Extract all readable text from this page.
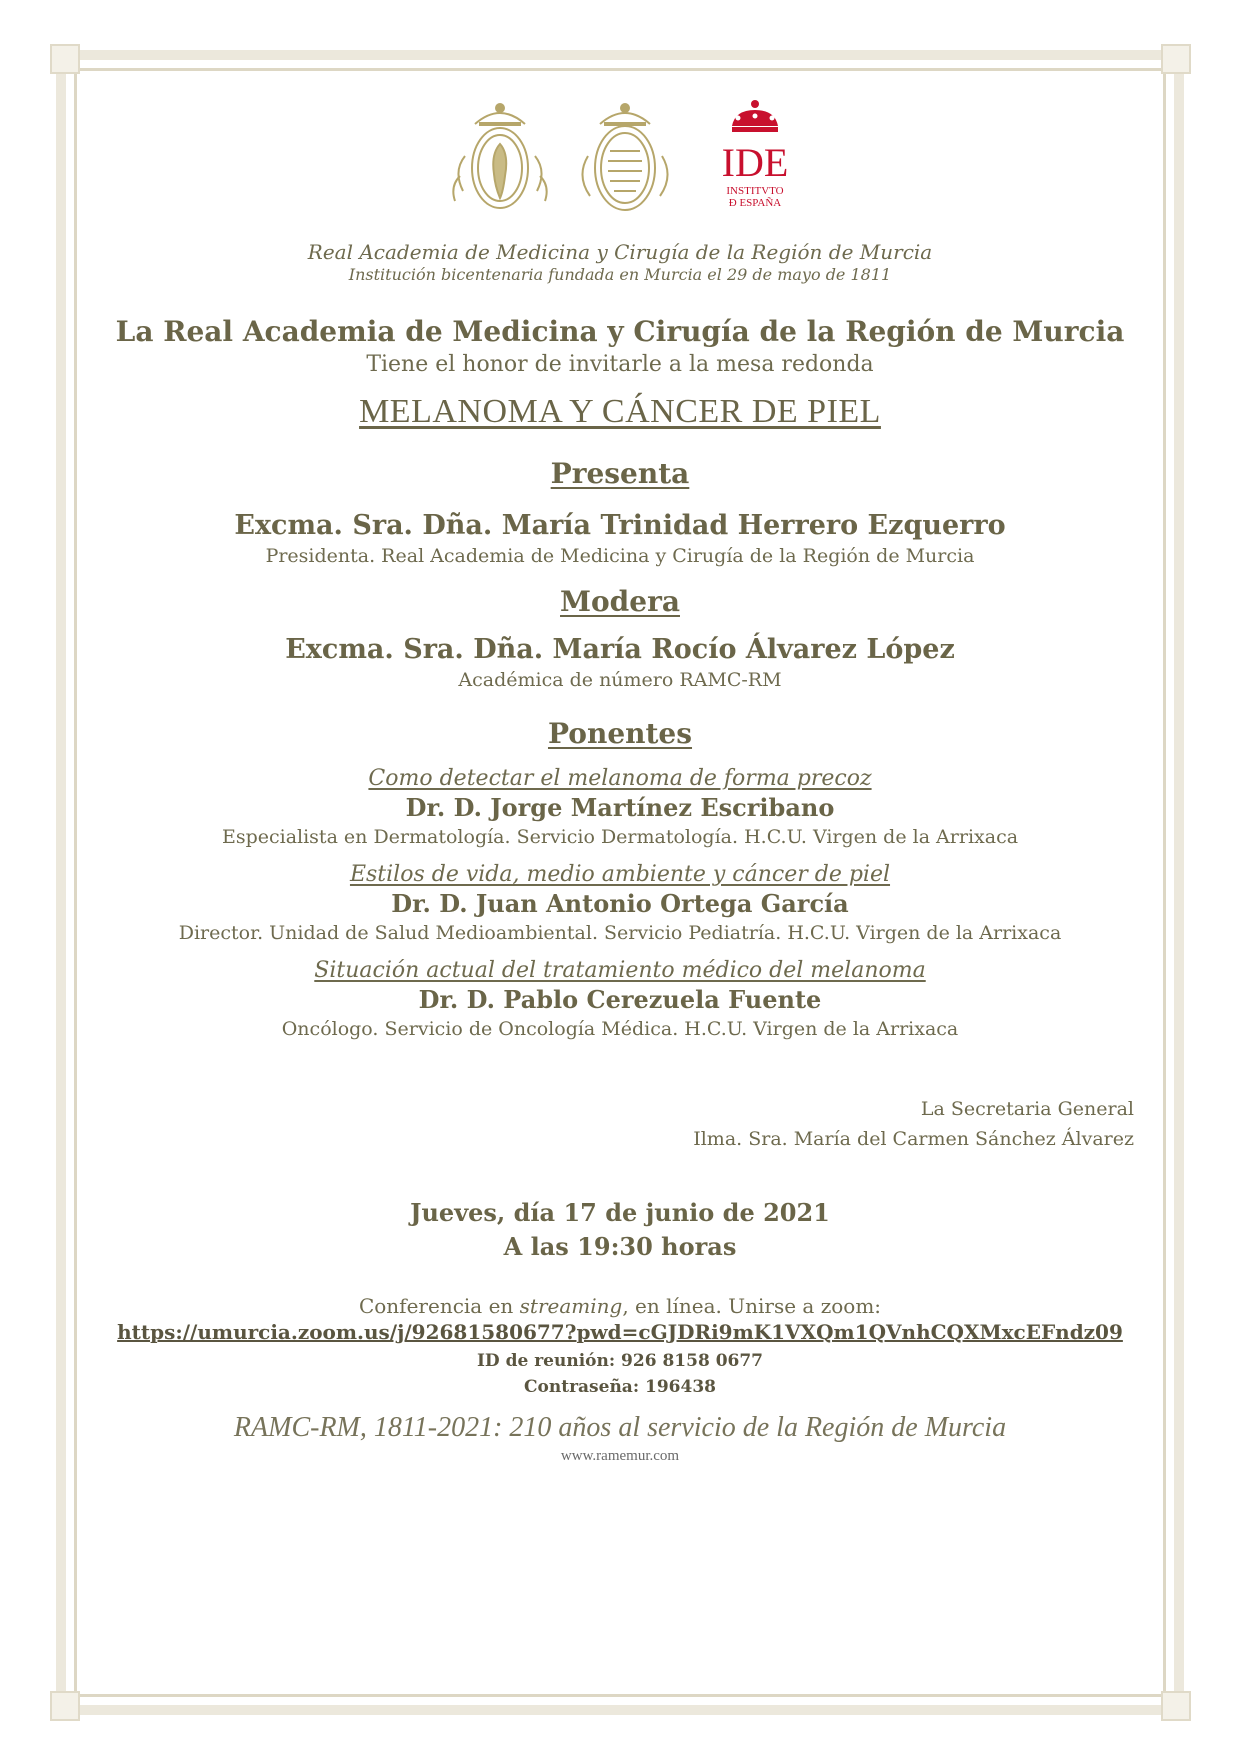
IDE
INSTITVTO
Ð ESPAÑA
Real Academia de Medicina y Cirugía de la Región de Murcia
Institución bicentenaria fundada en Murcia el 29 de mayo de 1811
La Real Academia de Medicina y Cirugía de la Región de Murcia
Tiene el honor de invitarle a la mesa redonda
MELANOMA Y CÁNCER DE PIEL
Presenta
Excma. Sra. Dña. María Trinidad Herrero Ezquerro
Presidenta. Real Academia de Medicina y Cirugía de la Región de Murcia
Modera
Excma. Sra. Dña. María Rocío Álvarez López
Académica de número RAMC-RM
Ponentes
Como detectar el melanoma de forma precoz
Dr. D. Jorge Martínez Escribano
Especialista en Dermatología. Servicio Dermatología. H.C.U. Virgen de la Arrixaca
Estilos de vida, medio ambiente y cáncer de piel
Dr. D. Juan Antonio Ortega García
Director. Unidad de Salud Medioambiental. Servicio Pediatría. H.C.U. Virgen de la Arrixaca
Situación actual del tratamiento médico del melanoma
Dr. D. Pablo Cerezuela Fuente
Oncólogo. Servicio de Oncología Médica. H.C.U. Virgen de la Arrixaca
La Secretaria General
Ilma. Sra. María del Carmen Sánchez Álvarez
Jueves, día 17 de junio de 2021
A las 19:30 horas
Conferencia en streaming, en línea. Unirse a zoom:
https://umurcia.zoom.us/j/92681580677?pwd=cGJDRi9mK1VXQm1QVnhCQXMxcEFndz09
ID de reunión: 926 8158 0677
Contraseña: 196438
RAMC-RM, 1811-2021: 210 años al servicio de la Región de Murcia
www.ramemur.com
